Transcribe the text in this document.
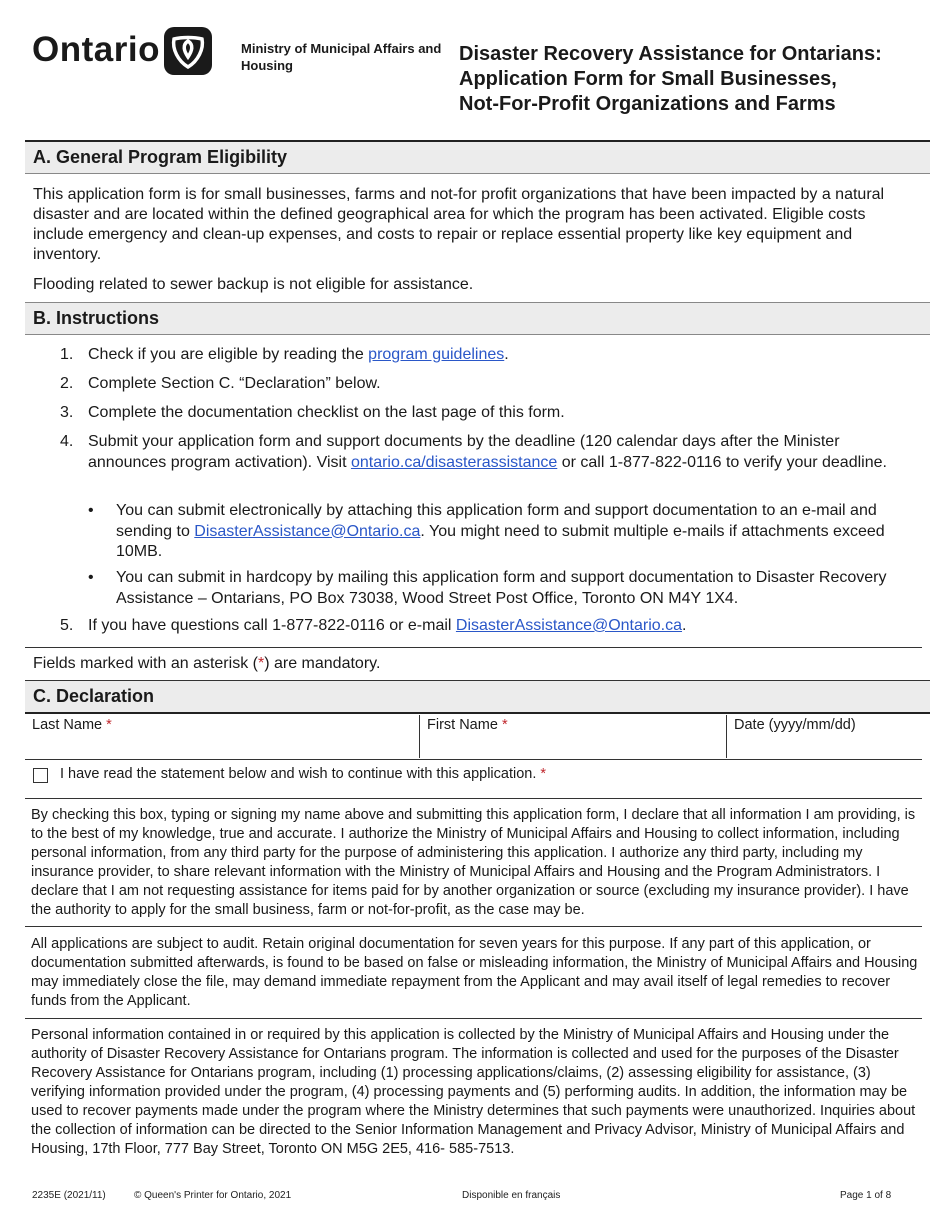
Ontario	Ministry of Municipal Affairs and Housing
Disaster Recovery Assistance for Ontarians:
Application Form for Small Businesses,
Not-For-Profit Organizations and Farms
A. General Program Eligibility
This application form is for small businesses, farms and not-for profit organizations that have been impacted by a natural disaster and are located within the defined geographical area for which the program has been activated. Eligible costs include emergency and clean-up expenses, and costs to repair or replace essential property like key equipment and inventory.
Flooding related to sewer backup is not eligible for assistance.
B. Instructions
1. Check if you are eligible by reading the program guidelines.
2. Complete Section C. “Declaration” below.
3. Complete the documentation checklist on the last page of this form.
4. Submit your application form and support documents by the deadline (120 calendar days after the Minister announces program activation). Visit ontario.ca/disasterassistance or call 1-877-822-0116 to verify your deadline.
• You can submit electronically by attaching this application form and support documentation to an e-mail and sending to DisasterAssistance@Ontario.ca. You might need to submit multiple e-mails if attachments exceed 10MB.
• You can submit in hardcopy by mailing this application form and support documentation to Disaster Recovery Assistance – Ontarians, PO Box 73038, Wood Street Post Office, Toronto ON M4Y 1X4.
5. If you have questions call 1-877-822-0116 or e-mail DisasterAssistance@Ontario.ca.
Fields marked with an asterisk (*) are mandatory.
C. Declaration
Last Name *	First Name *	Date (yyyy/mm/dd)
I have read the statement below and wish to continue with this application. *
By checking this box, typing or signing my name above and submitting this application form, I declare that all information I am providing, is to the best of my knowledge, true and accurate. I authorize the Ministry of Municipal Affairs and Housing to collect information, including personal information, from any third party for the purpose of administering this application. I authorize any third party, including my insurance provider, to share relevant information with the Ministry of Municipal Affairs and Housing and the Program Administrators. I declare that I am not requesting assistance for items paid for by another organization or source (excluding my insurance provider). I have the authority to apply for the small business, farm or not-for-profit, as the case may be.
All applications are subject to audit. Retain original documentation for seven years for this purpose. If any part of this application, or documentation submitted afterwards, is found to be based on false or misleading information, the Ministry of Municipal Affairs and Housing may immediately close the file, may demand immediate repayment from the Applicant and may avail itself of legal remedies to recover funds from the Applicant.
Personal information contained in or required by this application is collected by the Ministry of Municipal Affairs and Housing under the authority of Disaster Recovery Assistance for Ontarians program. The information is collected and used for the purposes of the Disaster Recovery Assistance for Ontarians program, including (1) processing applications/claims, (2) assessing eligibility for assistance, (3) verifying information provided under the program, (4) processing payments and (5) performing audits. In addition, the information may be used to recover payments made under the program where the Ministry determines that such payments were unauthorized. Inquiries about the collection of information can be directed to the Senior Information Management and Privacy Advisor, Ministry of Municipal Affairs and Housing, 17th Floor, 777 Bay Street, Toronto ON M5G 2E5, 416- 585-7513.
2235E (2021/11)	© Queen's Printer for Ontario, 2021	Disponible en français	Page 1 of 8
